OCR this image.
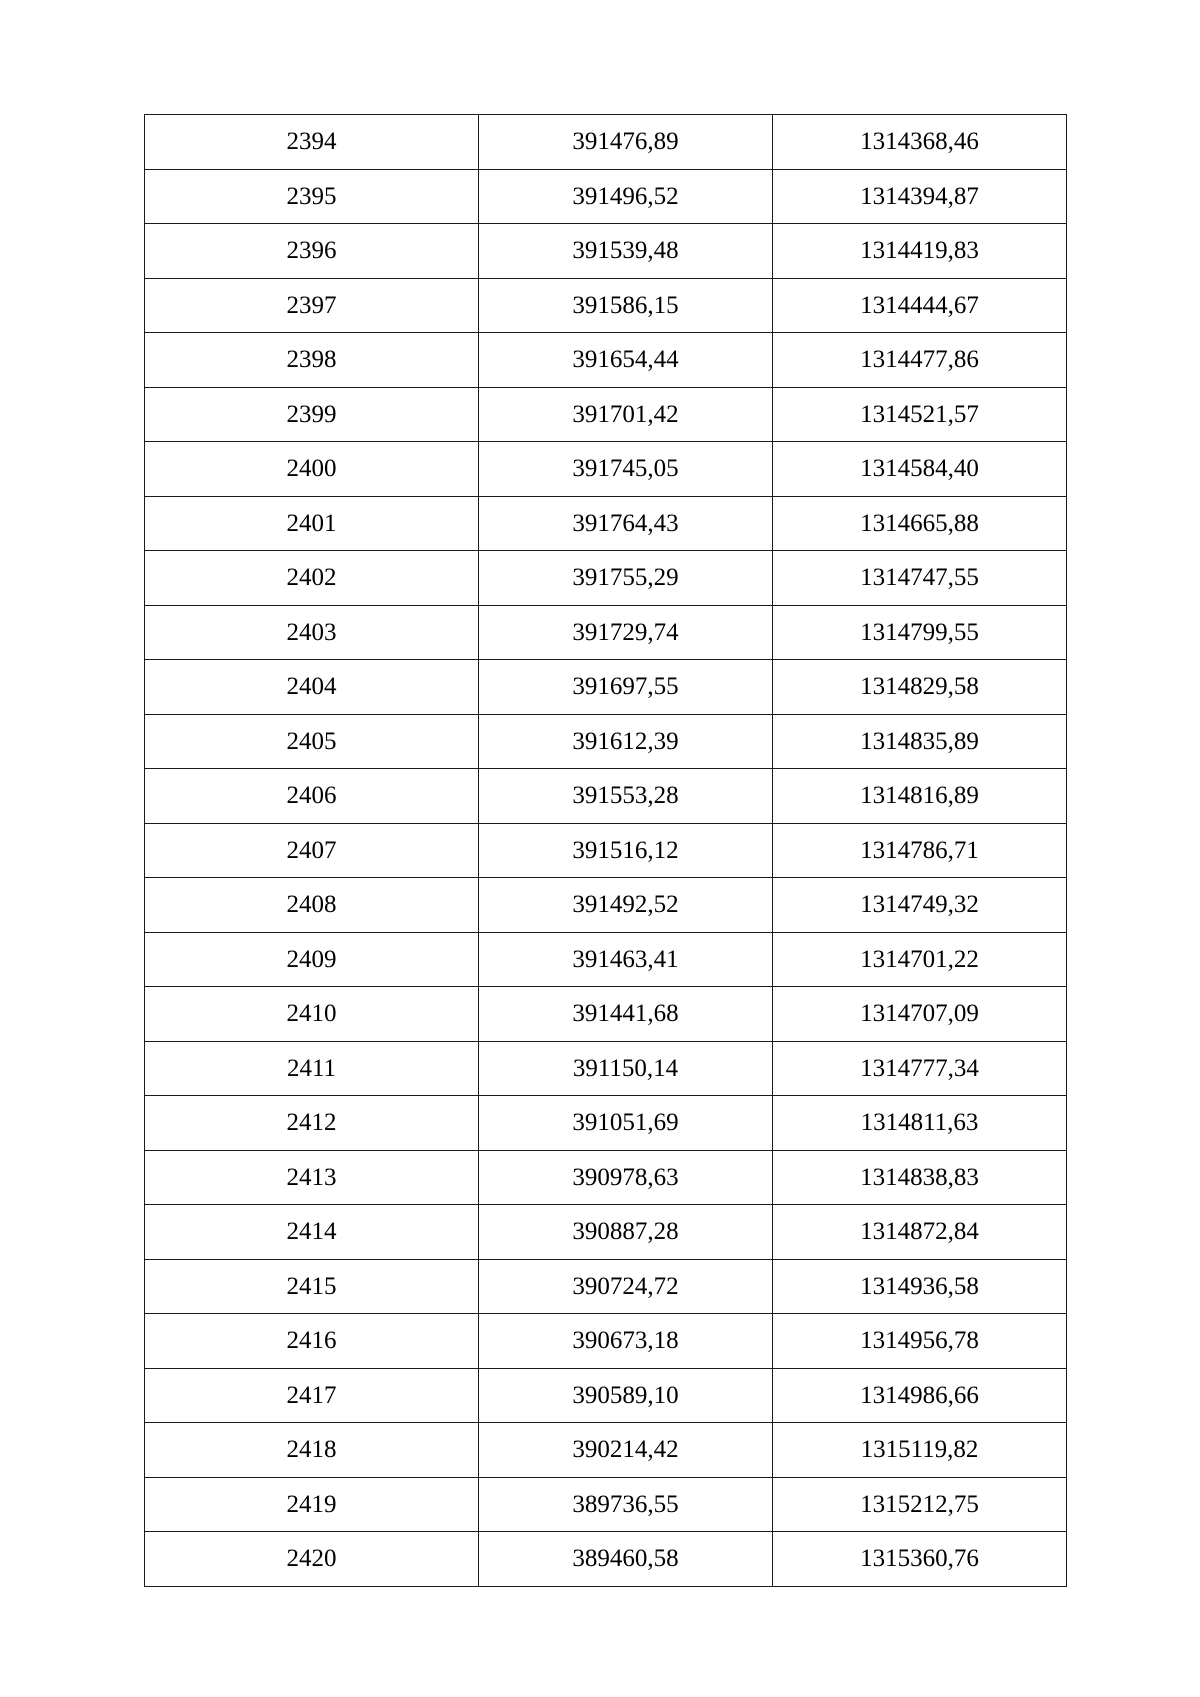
2394	391476,89	1314368,46
2395	391496,52	1314394,87
2396	391539,48	1314419,83
2397	391586,15	1314444,67
2398	391654,44	1314477,86
2399	391701,42	1314521,57
2400	391745,05	1314584,40
2401	391764,43	1314665,88
2402	391755,29	1314747,55
2403	391729,74	1314799,55
2404	391697,55	1314829,58
2405	391612,39	1314835,89
2406	391553,28	1314816,89
2407	391516,12	1314786,71
2408	391492,52	1314749,32
2409	391463,41	1314701,22
2410	391441,68	1314707,09
2411	391150,14	1314777,34
2412	391051,69	1314811,63
2413	390978,63	1314838,83
2414	390887,28	1314872,84
2415	390724,72	1314936,58
2416	390673,18	1314956,78
2417	390589,10	1314986,66
2418	390214,42	1315119,82
2419	389736,55	1315212,75
2420	389460,58	1315360,76
